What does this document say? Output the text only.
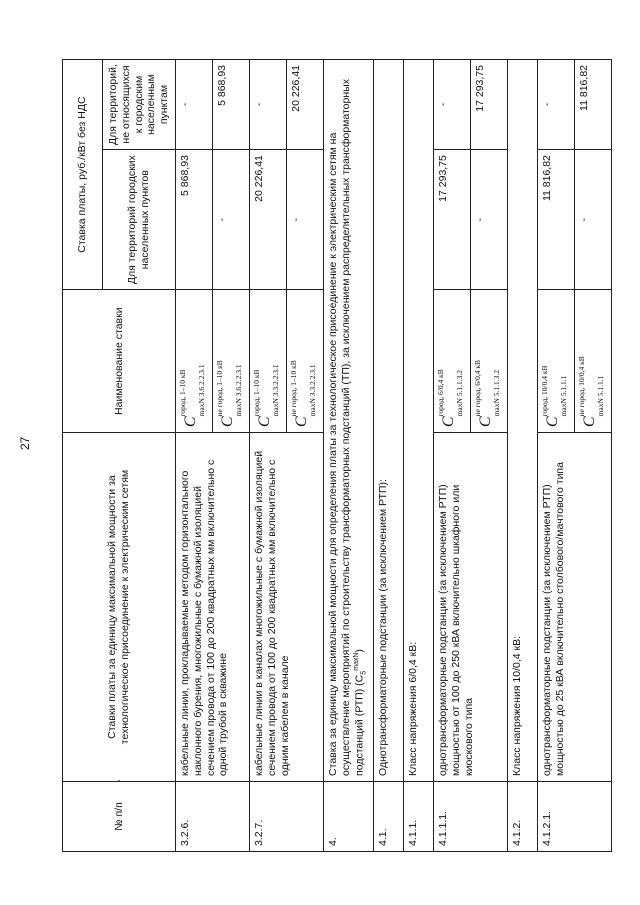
27
№ п/п	Ставки платы за единицу максимальной мощности за технологическое присоединение к электрическим сетям	Наименование ставки	Ставка платы, руб./кВт без НДС	
			Для территорий городских населенных пунктов	Для территорий, не относящихся к городским населенным пунктам
3.2.6.	кабельные линии, прокладываемые методом горизонтального наклонного бурения, многожильные с бумажной изоляцией сечением провода от 100 до 200 квадратных мм включительно с одной трубой в скважине	$C^{город, 1-10 кВ}$ $_{maxN 3.6.2.2.3.1}$	5 868,93	-
		$C^{не город, 1-10 кВ}$ $_{maxN 3.6.2.2.3.1}$	-	5 868,93
3.2.7.	кабельные линии в каналах многожильные с бумажной изоляцией сечением провода от 100 до 200 квадратных мм включительно с одним кабелем в канале	$C^{город, 1-10 кВ}$ $_{maxN 3.3.2.2.3.1}$	20 226,41	-
		$C^{не город, 1-10 кВ}$ $_{maxN 3.3.2.2.3.1}$	-	20 226,41
4.	Ставка за единицу максимальной мощности для определения платы за технологическое присоединение к электрическим сетям на осуществление мероприятий по строительству трансформаторных подстанций (ТП), за исключением распределительных трансформаторных подстанций (РТП) $(C_5^{maxN})$			
4.1.	Однотрансформаторные подстанции (за исключением РТП):			
4.1.1.	Класс напряжения 6/0,4 кВ:			
4.1.1.1.	однотрансформаторные подстанции (за исключением РТП) мощностью от 100 до 250 кВА включительно шкафного или киоскового типа	$C^{город, 6/0,4 кВ}$ $_{maxN 5.1.1.3.2}$	17 293,75	-
		$C^{не город, 6/0,4 кВ}$ $_{maxN 5.1.1.3.2}$	-	17 293,75
4.1.2.	Класс напряжения 10/0,4 кВ:			
4.1.2.1.	однотрансформаторные подстанции (за исключением РТП) мощностью до 25 кВА включительно столбового/мачтового типа	$C^{город, 10/0,4 кВ}$ $_{maxN 5.1.1.1}$	11 816,82	-
		$C^{не город, 10/0,4 кВ}$ $_{maxN 5.1.1.1}$	-	11 816,82
